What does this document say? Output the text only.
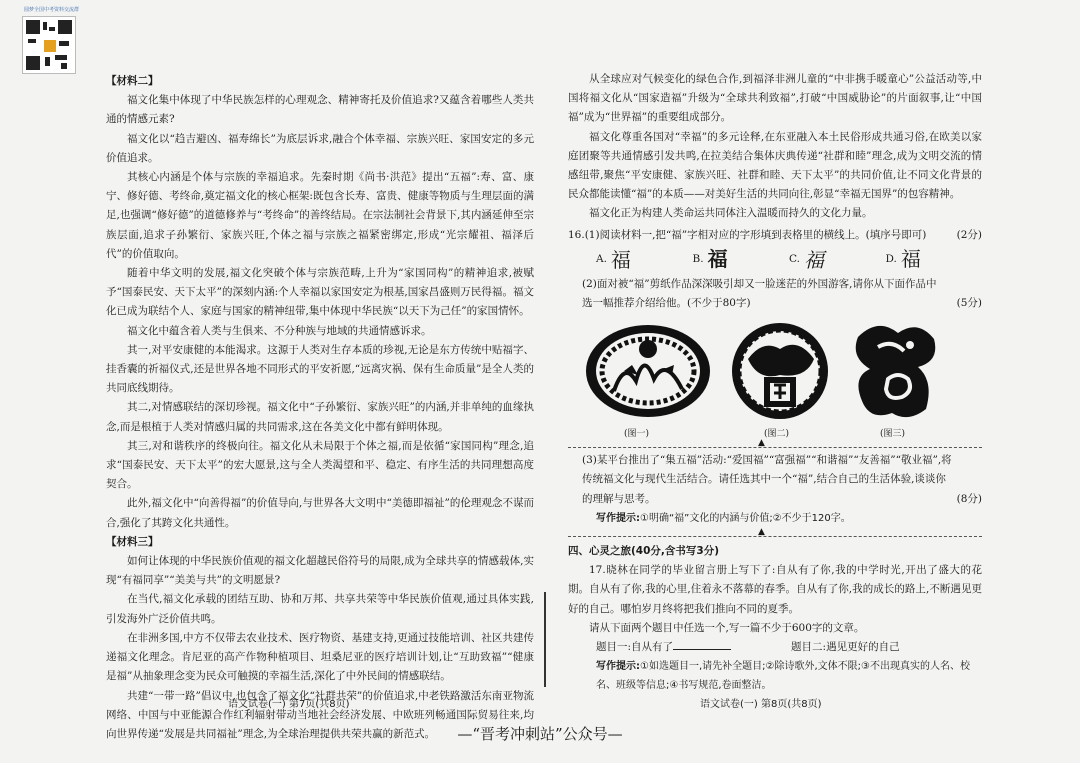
圆梦全国中考资料交流群

【材料二】

福文化集中体现了中华民族怎样的心理观念、精神寄托及价值追求?又蕴含着哪些人类共通的情感元素?

福文化以“趋吉避凶、福寿绵长”为底层诉求,融合个体幸福、宗族兴旺、家国安定的多元价值追求。

其核心内涵是个体与宗族的幸福追求。先秦时期《尚书·洪范》提出“五福”:寿、富、康宁、修好德、考终命,奠定福文化的核心框架:既包含长寿、富贵、健康等物质与生理层面的满足,也强调“修好德”的道德修养与“考终命”的善终结局。在宗法制社会背景下,其内涵延伸至宗族层面,追求子孙繁衍、家族兴旺,个体之福与宗族之福紧密绑定,形成“光宗耀祖、福泽后代”的价值取向。

随着中华文明的发展,福文化突破个体与宗族范畴,上升为“家国同构”的精神追求,被赋予“国泰民安、天下太平”的深刻内涵:个人幸福以家国安定为根基,国家昌盛则万民得福。福文化已成为联结个人、家庭与国家的精神纽带,集中体现中华民族“以天下为己任”的家国情怀。

福文化中蕴含着人类与生俱来、不分种族与地域的共通情感诉求。

其一,对平安康健的本能渴求。这源于人类对生存本质的珍视,无论是东方传统中贴福字、挂香囊的祈福仪式,还是世界各地不同形式的平安祈愿,“远离灾祸、保有生命质量”是全人类的共同底线期待。

其二,对情感联结的深切珍视。福文化中“子孙繁衍、家族兴旺”的内涵,并非单纯的血缘执念,而是根植于人类对情感归属的共同需求,这在各美文化中都有鲜明体现。

其三,对和谐秩序的终极向往。福文化从未局限于个体之福,而是依循“家国同构”理念,追求“国泰民安、天下太平”的宏大愿景,这与全人类渴望和平、稳定、有序生活的共同理想高度契合。

此外,福文化中“向善得福”的价值导向,与世界各大文明中“美德即福祉”的伦理观念不谋而合,强化了其跨文化共通性。

【材料三】

如何让体现的中华民族价值观的福文化超越民俗符号的局限,成为全球共享的情感载体,实现“有福同享”“美美与共”的文明愿景?

在当代,福文化承载的团结互助、协和万邦、共享共荣等中华民族价值观,通过具体实践,引发海外广泛价值共鸣。

在非洲多国,中方不仅带去农业技术、医疗物资、基建支持,更通过技能培训、社区共建传递福文化理念。肯尼亚的高产作物种植项目、坦桑尼亚的医疗培训计划,让“互助致福”“健康是福”从抽象理念变为民众可触摸的幸福生活,深化了中外民间的情感联结。

共建“一带一路”倡议中,也包含了福文化“社群共荣”的价值追求,中老铁路激活东南亚物流网络、中国与中亚能源合作红利辐射带动当地社会经济发展、中欧班列畅通国际贸易往来,均向世界传递“发展是共同福祉”理念,为全球治理提供共荣共赢的新范式。

从全球应对气候变化的绿色合作,到福泽非洲儿童的“中非携手暖童心”公益活动等,中国将福文化从“国家造福”升级为“全球共利致福”,打破“中国威胁论”的片面叙事,让“中国福”成为“世界福”的重要组成部分。

福文化尊重各国对“幸福”的多元诠释,在东亚融入本土民俗形成共通习俗,在欧美以家庭团聚等共通情感引发共鸣,在拉美结合集体庆典传递“社群和睦”理念,成为文明交流的情感纽带,聚焦“平安康健、家族兴旺、社群和睦、天下太平”的共同价值,让不同文化背景的民众都能读懂“福”的本质——对美好生活的共同向往,彰显“幸福无国界”的包容精神。

福文化正为构建人类命运共同体注入温暖而持久的文化力量。

16.(1)阅读材料一,把“福”字相对应的字形填到表格里的横线上。(填序号即可)	(2分)
A. 福	B. 福	C. 福	D. 福
(2)面对被“福”剪纸作品深深吸引却又一脸迷茫的外国游客,请你从下面作品中选一幅推荐介绍给他。(不少于80字)	(5分)
(图一)	(图二)	(图三)
▲
(3)某平台推出了“集五福”活动:“爱国福”“富强福”“和谐福”“友善福”“敬业福”,将传统福文化与现代生活结合。请任选其中一个“福”,结合自己的生活体验,谈谈你的理解与思考。	(8分)

写作提示:①明确“福”文化的内涵与价值;②不少于120字。

▲

四、心灵之旅(40分,含书写3分)

17.晓林在同学的毕业留言册上写下了:自从有了你,我的中学时光,开出了盛大的花期。自从有了你,我的心里,住着永不落幕的春季。自从有了你,我的成长的路上,不断遇见更好的自己。哪怕岁月终将把我们推向不同的夏季。

请从下面两个题目中任选一个,写一篇不少于600字的文章。

题目一:自从有了	题目二:遇见更好的自己

写作提示:①如选题目一,请先补全题目;②除诗歌外,文体不限;③不出现真实的人名、校名、班级等信息;④书写规范,卷面整洁。

语文试卷(一) 第7页(共8页)	语文试卷(一) 第8页(共8页)
—“晋考冲刺站”公众号—
